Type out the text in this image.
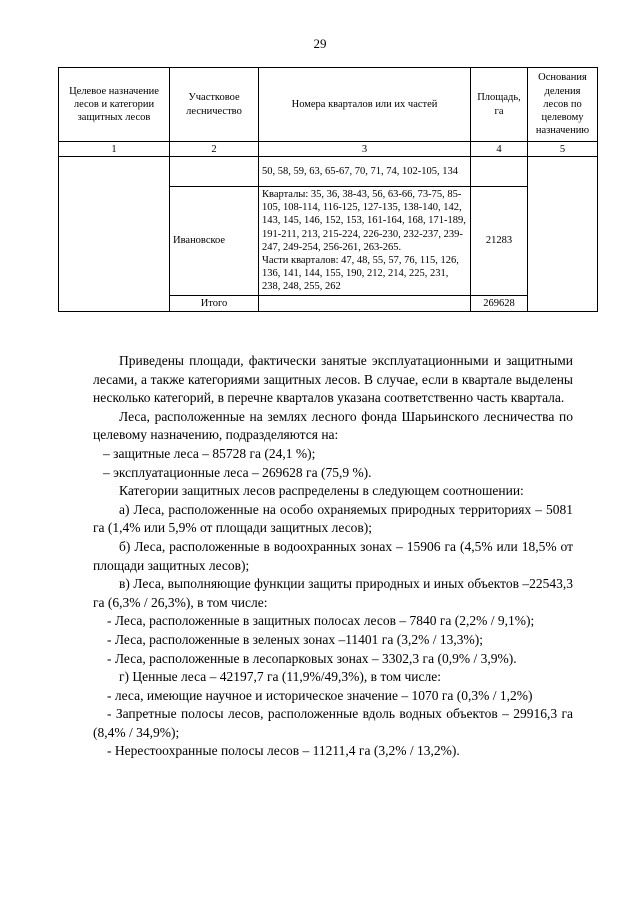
29
Целевое назначение лесов и категории защитных лесов	Участковое лесничество	Номера кварталов или их частей	Площадь, га	Основания деления лесов по целевому назначению
1	2	3	4	5
		50, 58, 59, 63, 65-67, 70, 71, 74, 102-105, 134		
	Ивановское	Кварталы: 35, 36, 38-43, 56, 63-66, 73-75, 85-105, 108-114, 116-125, 127-135, 138-140, 142, 143, 145, 146, 152, 153, 161-164, 168, 171-189, 191-211, 213, 215-224, 226-230, 232-237, 239-247, 249-254, 256-261, 263-265.
Части кварталов: 47, 48, 55, 57, 76, 115, 126, 136, 141, 144, 155, 190, 212, 214, 225, 231, 238, 248, 255, 262	21283	
	Итого		269628	

Приведены площади, фактически занятые эксплуатационными и защитными лесами, а также категориями защитных лесов. В случае, если в квартале выделены несколько категорий, в перечне кварталов указана соответственно часть квартала.

Леса, расположенные на землях лесного фонда Шарьинского лесничества по целевому назначению, подразделяются на:

– защитные леса – 85728 га (24,1 %);

– эксплуатационные леса – 269628 га (75,9 %).

Категории защитных лесов распределены в следующем соотношении:

а) Леса, расположенные на особо охраняемых природных территориях – 5081 га (1,4% или 5,9% от площади защитных лесов);

б) Леса, расположенные в водоохранных зонах – 15906 га (4,5% или 18,5% от площади защитных лесов);

в) Леса, выполняющие функции защиты природных и иных объектов –22543,3 га (6,3% / 26,3%), в том числе:

- Леса, расположенные в защитных полосах лесов – 7840 га (2,2% / 9,1%);

- Леса, расположенные в зеленых зонах –11401 га (3,2% / 13,3%);

- Леса, расположенные в лесопарковых зонах – 3302,3 га (0,9% / 3,9%).

г) Ценные леса – 42197,7 га (11,9%/49,3%), в том числе:

- леса, имеющие научное и историческое значение – 1070 га (0,3% / 1,2%)

- Запретные полосы лесов, расположенные вдоль водных объектов – 29916,3 га (8,4% / 34,9%);

- Нерестоохранные полосы лесов – 11211,4 га (3,2% / 13,2%).
